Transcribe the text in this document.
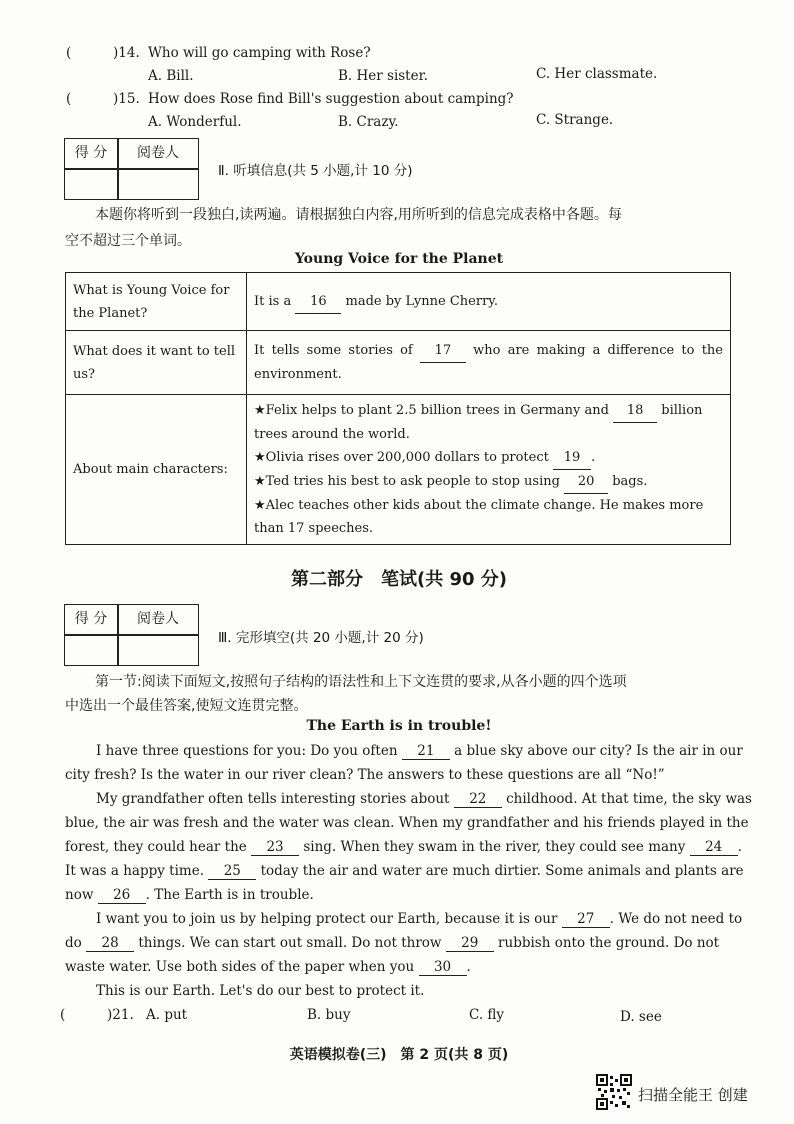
(	)14. Who will go camping with Rose?
A. Bill.	B. Her sister.	C. Her classmate.
(	)15. How does Rose find Bill's suggestion about camping?
A. Wonderful.	B. Crazy.	C. Strange.
得 分	阅卷人
Ⅱ. 听填信息(共 5 小题,计 10 分)
本题你将听到一段独白,读两遍。请根据独白内容,用所听到的信息完成表格中各题。每
空不超过三个单词。
Young Voice for the Planet
What is Young Voice for the Planet?	It is a 16 made by Lynne Cherry.
What does it want to tell us?	It tells some stories of 17 who are making a difference to the environment.
About main characters:	★Felix helps to plant 2.5 billion trees in Germany and 18 billion trees around the world.
★Olivia rises over 200,000 dollars to protect 19 .
★Ted tries his best to ask people to stop using 20 bags.
★Alec teaches other kids about the climate change. He makes more than 17 speeches.
第二部分　笔试(共 90 分)
得 分	阅卷人
Ⅲ. 完形填空(共 20 小题,计 20 分)
第一节:阅读下面短文,按照句子结构的语法性和上下文连贯的要求,从各小题的四个选项
中选出一个最佳答案,使短文连贯完整。
The Earth is in trouble!
I have three questions for you: Do you often 21 a blue sky above our city? Is the air in our
city fresh? Is the water in our river clean? The answers to these questions are all “No!”
My grandfather often tells interesting stories about 22 childhood. At that time, the sky was
blue, the air was fresh and the water was clean. When my grandfather and his friends played in the
forest, they could hear the 23 sing. When they swam in the river, they could see many 24 .
It was a happy time. 25 today the air and water are much dirtier. Some animals and plants are
now 26 . The Earth is in trouble.
I want you to join us by helping protect our Earth, because it is our 27 . We do not need to
do 28 things. We can start out small. Do not throw 29 rubbish onto the ground. Do not
waste water. Use both sides of the paper when you 30 .
This is our Earth. Let's do our best to protect it.
(	)21. A. put	B. buy	C. fly	D. see
英语模拟卷(三)　第 2 页(共 8 页)
扫描全能王 创建
